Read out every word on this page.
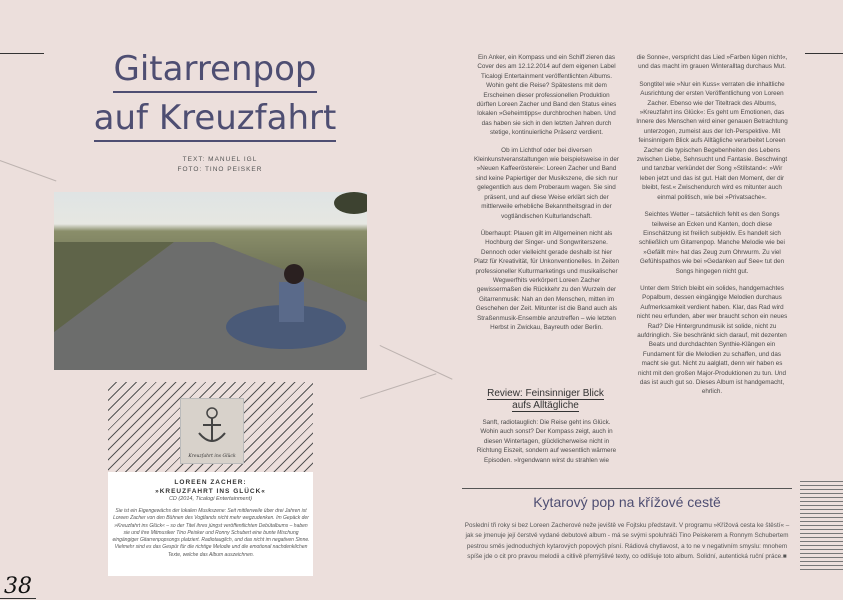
Gitarrenpop
auf Kreuzfahrt
TEXT: MANUEL IGL
FOTO: TINO PEISKER
Kreuzfahrt ins Glück
LOREEN ZACHER:
»KREUZFAHRT INS GLÜCK«
CD (2014, Ticalogi Entertainment)
Sie ist ein Eigengewächs der lokalen Musikszene: Seit mittlerweile über drei Jahren ist Loreen Zacher von den Bühnen des Vogtlands nicht mehr wegzudenken. Im Gepäck der »Kreuzfahrt ins Glück« – so der Titel ihres jüngst veröffentlichten Debütalbums – haben sie und ihre Mitmusiker Tino Peisker und Ronny Schubert eine bunte Mischung eingängiger Gitarrenpopsongs platziert. Radiotauglich, und das nicht im negativen Sinne. Vielmehr sind es das Gespür für die richtige Melodie und die emotional nachdenklichen Texte, welche das Album auszeichnen.

Ein Anker, ein Kompass und ein Schiff zieren das Cover des am 12.12.2014 auf dem eigenen Label Ticalogi Entertainment veröffentlichten Albums. Wohin geht die Reise? Spätestens mit dem Erscheinen dieser professionellen Produktion dürften Loreen Zacher und Band den Status eines lokalen »Geheimtipps« durchbrochen haben. Und das haben sie sich in den letzten Jahren durch stetige, kontinuierliche Präsenz verdient.

Ob im Lichthof oder bei diversen Kleinkunstveranstaltungen wie beispielsweise in der »Neuen Kaffeerösterei«: Loreen Zacher und Band sind keine Papiertiger der Musikszene, die sich nur gelegentlich aus dem Proberaum wagen. Sie sind präsent, und auf diese Weise erklärt sich der mittlerweile erhebliche Bekanntheitsgrad in der vogtländischen Kulturlandschaft.

Überhaupt: Plauen gilt im Allgemeinen nicht als Hochburg der Singer- und Songwriterszene. Dennoch oder vielleicht gerade deshalb ist hier Platz für Kreativität, für Unkonventionelles. In Zeiten professioneller Kulturmarketings und musikalischer Wegwerfhits verkörpert Loreen Zacher gewissermaßen die Rückkehr zu den Wurzeln der Gitarrenmusik: Nah an den Menschen, mitten im Geschehen der Zeit. Mitunter ist die Band auch als Straßenmusik-Ensemble anzutreffen – wie letzten Herbst in Zwickau, Bayreuth oder Berlin.

Review: Feinsinniger Blick
aufs Alltägliche

Sanft, radiotauglich: Die Reise geht ins Glück. Wohin auch sonst? Der Kompass zeigt, auch in diesen Wintertagen, glücklicherweise nicht in Richtung Eiszeit, sondern auf wesentlich wärmere Episoden. »Irgendwann wirst du strahlen wie

die Sonne«, verspricht das Lied »Farben lügen nicht«, und das macht im grauen Winteralltag durchaus Mut.

Songtitel wie »Nur ein Kuss« verraten die inhaltliche Ausrichtung der ersten Veröffentlichung von Loreen Zacher. Ebenso wie der Titeltrack des Albums, »Kreuzfahrt ins Glück«: Es geht um Emotionen, das Innere des Menschen wird einer genauen Betrachtung unterzogen, zumeist aus der Ich-Perspektive. Mit feinsinnigem Blick aufs Alltägliche verarbeitet Loreen Zacher die typischen Begebenheiten des Lebens zwischen Liebe, Sehnsucht und Fantasie. Beschwingt und tanzbar verkündet der Song »Stillstand«: »Wir leben jetzt und das ist gut. Halt den Moment, der dir bleibt, fest.« Zwischendurch wird es mitunter auch einmal politisch, wie bei »Privatsache«.

Seichtes Wetter – tatsächlich fehlt es den Songs teilweise an Ecken und Kanten, doch diese Einschätzung ist freilich subjektiv. Es handelt sich schließlich um Gitarrenpop. Manche Melodie wie bei »Gefällt mir« hat das Zeug zum Ohrwurm. Zu viel Gefühlspathos wie bei »Gedanken auf See« tut den Songs hingegen nicht gut.

Unter dem Strich bleibt ein solides, handgemachtes Popalbum, dessen eingängige Melodien durchaus Aufmerksamkeit verdient haben. Klar, das Rad wird nicht neu erfunden, aber wer braucht schon ein neues Rad? Die Hintergrundmusik ist solide, nicht zu aufdringlich. Sie beschränkt sich darauf, mit dezenten Beats und durchdachten Synthie-Klängen ein Fundament für die Melodien zu schaffen, und das macht sie gut. Nicht zu aalglatt, denn wir haben es nicht mit den großen Major-Produktionen zu tun. Und das ist auch gut so. Dieses Album ist handgemacht, ehrlich.

Kytarový pop na křížové cestě
Poslední tři roky si bez Loreen Zacherové neže jeviště ve Fojtsku představit. V programu »Křížová cesta ke štěstí« – jak se jmenuje její čerstvě vydané debutové album - má se svými spoluhráči Tino Peiskerem a Ronnym Schubertem pestrou směs jednoduchých kytarových popových písní. Rádiová chytlavost, a to ne v negativním smyslu: mnohem spíše jde o cit pro pravou melodii a citlivě přemýšlivé texty, co odlišuje toto album. Solidní, autentická ruční práce.■
38
